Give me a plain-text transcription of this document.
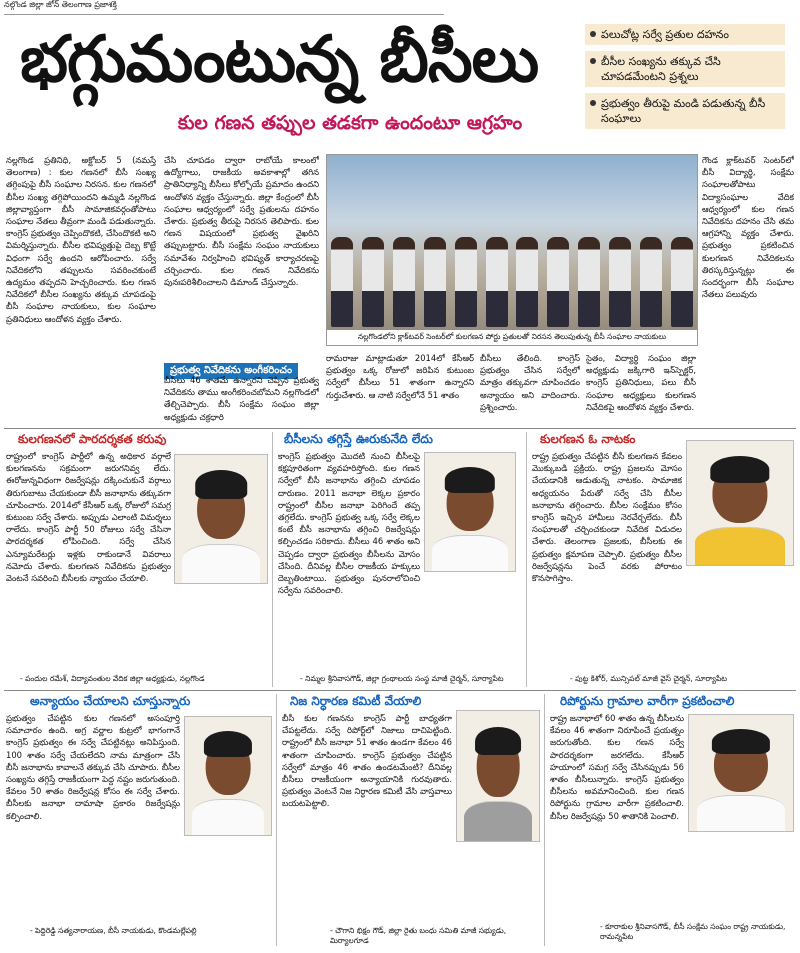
నల్గొండ జిల్లా జోన్ తెలంగాణ ప్రజాశక్తి
భగ్గుమంటున్న బీసీలు
కుల గణన తప్పుల తడకగా ఉందంటూ ఆగ్రహం
పలుచోట్ల సర్వే ప్రతుల దహనం
బీసీల సంఖ్యను తక్కువ చేసి చూపడమేంటని ప్రశ్నలు
ప్రభుత్వం తీరుపై మండి పడుతున్న బీసీ సంఘాలు
నల్లగొండ ప్రతినిధి, అక్టోబర్ 5 (నమస్తే తెలంగాణ) : కుల గణనలో బీసీ సంఖ్య తగ్గింపుపై బీసీ సంఘాల నిరసన. కుల గణనలో బీసీల సంఖ్య తగ్గిపోయిందని ఉమ్మడి నల్లగొండ జిల్లావ్యాప్తంగా బీసీ సామాజికవర్గంతోపాటు సంఘాల నేతలు తీవ్రంగా మండి పడుతున్నారు. కాంగ్రెస్ ప్రభుత్వం చెప్పిందొకటి, చేసిందొకటి అని విమర్శిస్తున్నారు. బీసీల భవిష్యత్తుపై దెబ్బ కొట్టే విధంగా సర్వే ఉందని ఆరోపించారు. సర్వే నివేదికలోని తప్పులను సవరించకుంటే ఉద్యమం తప్పదని హెచ్చరించారు. కుల గణన నివేదికలో బీసీల సంఖ్యను తక్కువ చూపడంపై బీసీ సంఘాల నాయకులు, కుల సంఘాల ప్రతినిధులు ఆందోళన వ్యక్తం చేశారు.
చేసి చూపడం ద్వారా రాబోయే కాలంలో ఉద్యోగాలు, రాజకీయ అవకాశాల్లో తగిన ప్రాతినిధ్యాన్ని బీసీలు కోల్పోయే ప్రమాదం ఉందని ఆందోళన వ్యక్తం చేస్తున్నారు. జిల్లా కేంద్రంలో బీసీ సంఘాల ఆధ్వర్యంలో సర్వే ప్రతులను దహనం చేశారు. ప్రభుత్వ తీరుపై నిరసన తెలిపారు. కుల గణన విషయంలో ప్రభుత్వ వైఖరిని తప్పుబట్టారు. బీసీ సంక్షేమ సంఘం నాయకులు సమావేశం నిర్వహించి భవిష్యత్ కార్యాచరణపై చర్చించారు. కుల గణన నివేదికను పునఃపరిశీలించాలని డిమాండ్ చేస్తున్నారు.
నల్లగొండలోని క్లాక్‌టవర్ సెంటర్‌లో కులగణన పోర్టు ప్రతులతో నిరసన తెలుపుతున్న బీసీ సంఘాల నాయకులు
గౌండ క్లాక్‌టవర్ సెంటర్‌లో బీసీ విద్యార్థి, సంక్షేమ సంఘాలతోపాటు విద్యాసంఘాల వేదిక ఆధ్వర్యంలో కుల గణన నివేదికను దహనం చేసి తమ ఆగ్రహాన్ని వ్యక్తం చేశారు. ప్రభుత్వం ప్రకటించిన కులగణన నివేదికలను తిరస్కరిస్తున్నట్లు ఈ సందర్భంగా బీసీ సంఘాల నేతలు పలువురు
ప్రభుత్వ నివేదికను అంగీకరించం
బీసీలు 46 శాతమే ఉన్నారని చెప్పిన ప్రభుత్వ నివేదికను తాము అంగీకరించబోమని నల్లగొండలో తేల్చిచెప్పారు. బీసీ సంక్షేమ సంఘం జిల్లా అధ్యక్షుడు చక్రధారి
రామరాజు మాట్లాడుతూ 2014లో కేసీఆర్ ప్రభుత్వం ఒక్క రోజులో జరిపిన కుటుంబ సర్వేలో బీసీలు 51 శాతంగా ఉన్నారని గుర్తుచేశారు. ఆ నాటి సర్వేలోనే 51 శాతం
బీసీలు తేలింది. కాంగ్రెస్ ప్రభుత్వం చేసిన సర్వేలో మాత్రం తక్కువగా చూపించడం అన్యాయం అని వాదించారు. ప్రశ్నించారు.
సైతం, విద్యార్థి సంఘం జిల్లా అధ్యక్షుడు జక్కిగారి ఇన్‌స్పెక్టర్, కాంగ్రెస్ ప్రతినిధులు, పలు బీసీ సంఘాల అధ్యక్షులు కులగణన నివేదికపై ఆందోళన వ్యక్తం చేశారు.
కులగణనలో పారదర్శకత కరువు
రాష్ట్రంలో కాంగ్రెస్ పార్టీలో ఉన్న అధికార వర్గాలే కులగణనను సక్రమంగా జరుగనివ్వ లేదు. ఈరోజున్నవిధంగా రిజర్వేషన్లు దక్కించుకునే వర్గాలు తిరుగుబాటు చేయకుండా బీసీ జనాభాను తక్కువగా చూపించారు. 2014లో కేసీఆర్ ఒక్క రోజులో సమగ్ర కుటుంబ సర్వే చేశారు. అప్పుడు ఎలాంటి విమర్శలు రాలేదు. కాంగ్రెస్ పార్టీ 50 రోజులు సర్వే చేసినా పారదర్శకత లోపించింది. సర్వే చేసిన ఎన్యూమరేటర్లు ఇళ్లకు రాకుండానే వివరాలు నమోదు చేశారు. కులగణన నివేదికను ప్రభుత్వం వెంటనే సవరించి బీసీలకు న్యాయం చేయాలి.
- పందుల రమేశ్, విద్యావంతుల వేదిక జిల్లా అధ్యక్షుడు, నల్లగొండ
బీసీలను తగ్గిస్తే ఊరుకునేది లేదు
కాంగ్రెస్ ప్రభుత్వం మొదటి నుంచి బీసీలపై కక్షపూరితంగా వ్యవహరిస్తోంది. కుల గణన సర్వేలో బీసీ జనాభాను తగ్గించి చూపడం దారుణం. 2011 జనాభా లెక్కల ప్రకారం రాష్ట్రంలో బీసీల జనాభా పెరిగిందే తప్ప తగ్గలేదు. కాంగ్రెస్ ప్రభుత్వ ఒక్క సర్వే లెక్కల కంటే బీసీ జనాభాను తగ్గించి రిజర్వేషన్లు కల్పించడం సరికాదు. బీసీలు 46 శాతం అని చెప్పడం ద్వారా ప్రభుత్వం బీసీలను మోసం చేసింది. దీనివల్ల బీసీల రాజకీయ హక్కులు దెబ్బతింటాయి. ప్రభుత్వం పునరాలోచించి సర్వేను సవరించాలి.
- నిమ్మల శ్రీనివాసగౌడ్, జిల్లా గ్రంథాలయ సంస్థ మాజీ చైర్మన్, సూర్యాపేట
కులగణన ఓ నాటకం
రాష్ట్ర ప్రభుత్వం చేపట్టిన బీసీ కులగణన కేవలం మొక్కుబడి ప్రక్రియ. రాష్ట్ర ప్రజలను మోసం చేయడానికి ఆడుతున్న నాటకం. సామాజిక అధ్యయనం పేరుతో సర్వే చేసి బీసీల జనాభాను తగ్గించారు. బీసీల సంక్షేమం కోసం కాంగ్రెస్ ఇచ్చిన హామీలు నెరవేర్చలేదు. బీసీ సంఘాలతో చర్చించకుండా నివేదిక విడుదల చేశారు. తెలంగాణ ప్రజలకు, బీసీలకు ఈ ప్రభుత్వం క్షమాపణ చెప్పాలి. ప్రభుత్వం బీసీల రిజర్వేషన్లను పెంచే వరకు పోరాటం కొనసాగిస్తాం.
- పుట్ట కిశోర్, మున్సిపల్ మాజీ వైస్ చైర్మన్, సూర్యాపేట
అన్యాయం చేయాలని చూస్తున్నారు
ప్రభుత్వం చేపట్టిన కుల గణనలో అసంపూర్తి సమాచారం ఉంది. అగ్ర వర్ణాల కుట్రలో భాగంగానే కాంగ్రెస్ ప్రభుత్వం ఈ సర్వే చేపట్టినట్లు అనిపిస్తుంది. 100 శాతం సర్వే చేయలేదని నామ మాత్రంగా చేసి బీసీ జనాభాను కావాలనే తక్కువ చేసి చూపారు. బీసీల సంఖ్యను తగ్గిస్తే రాజకీయంగా పెద్ద నష్టం జరుగుతుంది. కేవలం 50 శాతం రిజర్వేషన్ల కోసం ఈ సర్వే చేశారు. బీసీలకు జనాభా దామాషా ప్రకారం రిజర్వేషన్లు కల్పించాలి.
- పెద్దిరెడ్డి సత్యనారాయణ, బీసీ నాయకుడు, కొండమల్లేపల్లి
నిజ నిర్ధారణ కమిటీ వేయాలి
బీసీ కుల గణనను కాంగ్రెస్ పార్టీ బాధ్యతగా చేపట్టలేదు. సర్వే రిపోర్ట్‌లో నిజాలు దాచిపెట్టింది. రాష్ట్రంలో బీసీ జనాభా 51 శాతం ఉండగా కేవలం 46 శాతంగా చూపించారు. కాంగ్రెస్ ప్రభుత్వం చేపట్టిన సర్వేలో మాత్రం 46 శాతం ఉండటమేంటి? దీనివల్ల బీసీలు రాజకీయంగా అన్యాయానికి గురవుతారు. ప్రభుత్వం వెంటనే నిజ నిర్ధారణ కమిటీ వేసి వాస్తవాలు బయటపెట్టాలి.
- చౌగాని భిక్షం గౌడ్, జిల్లా రైతు బంధు సమితి మాజీ సభ్యుడు, మిర్యాలగూడ
రిపోర్టును గ్రామాల వారీగా ప్రకటించాలి
రాష్ట్ర జనాభాలో 60 శాతం ఉన్న బీసీలను కేవలం 46 శాతంగా నిరూపించే ప్రయత్నం జరుగుతోంది. కుల గణన సర్వే పారదర్శకంగా జరగలేదు. కేసీఆర్ హయాంలో సమగ్ర సర్వే చేసినప్పుడు 56 శాతం బీసీలున్నారు. కాంగ్రెస్ ప్రభుత్వం బీసీలను అవమానించింది. కుల గణన రిపోర్టును గ్రామాల వారీగా ప్రకటించాలి. బీసీల రిజర్వేషన్లు 50 శాతానికి పెంచాలి.
- కూరాకుల శ్రీనివాసగౌడ్, బీసీ సంక్షేమ సంఘం రాష్ట్ర నాయకుడు, రామన్నపేట
